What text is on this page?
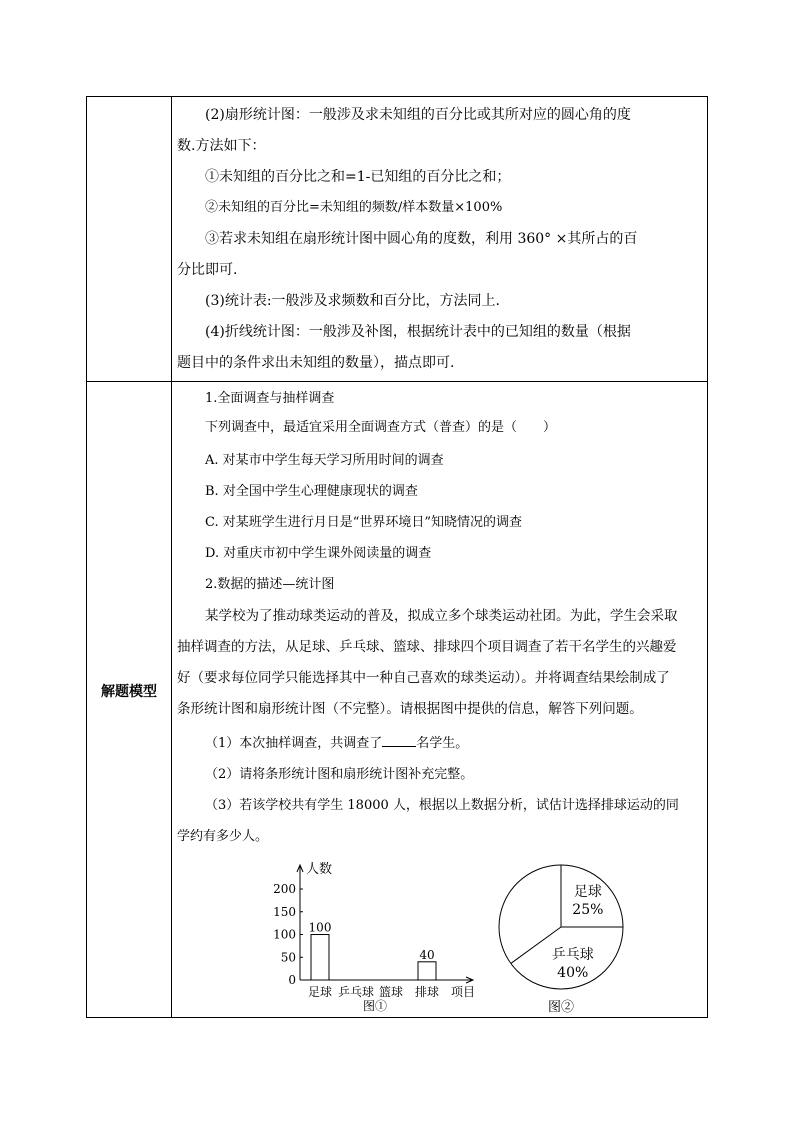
(2)扇形统计图：一般涉及求未知组的百分比或其所对应的圆心角的度
数.方法如下：
①未知组的百分比之和=1-已知组的百分比之和；
②未知组的百分比=未知组的频数/样本数量×100%
③若求未知组在扇形统计图中圆心角的度数，利用 360° ×其所占的百
分比即可.
(3)统计表:一般涉及求频数和百分比，方法同上.
(4)折线统计图：一般涉及补图，根据统计表中的已知组的数量（根据
题目中的条件求出未知组的数量），描点即可.
解题模型
1.全面调查与抽样调查
下列调查中，最适宜采用全面调查方式（普查）的是（　　）
A. 对某市中学生每天学习所用时间的调查
B. 对全国中学生心理健康现状的调查
C. 对某班学生进行月日是“世界环境日”知晓情况的调查
D. 对重庆市初中学生课外阅读量的调查
2.数据的描述—统计图
某学校为了推动球类运动的普及，拟成立多个球类运动社团。为此，学生会采取
抽样调查的方法，从足球、乒乓球、篮球、排球四个项目调查了若干名学生的兴趣爱
好（要求每位同学只能选择其中一种自己喜欢的球类运动）。并将调查结果绘制成了
条形统计图和扇形统计图（不完整）。请根据图中提供的信息，解答下列问题。
（1）本次抽样调查，共调查了	名学生。
（2）请将条形统计图和扇形统计图补充完整。
（3）若该学校共有学生 18000 人，根据以上数据分析，试估计选择排球运动的同
学约有多少人。
人数
0
50
100
150
200
足球
100
乒乓球 篮球 排球
40
项目
图①
足球
25%
乒乓球
40%
图②
